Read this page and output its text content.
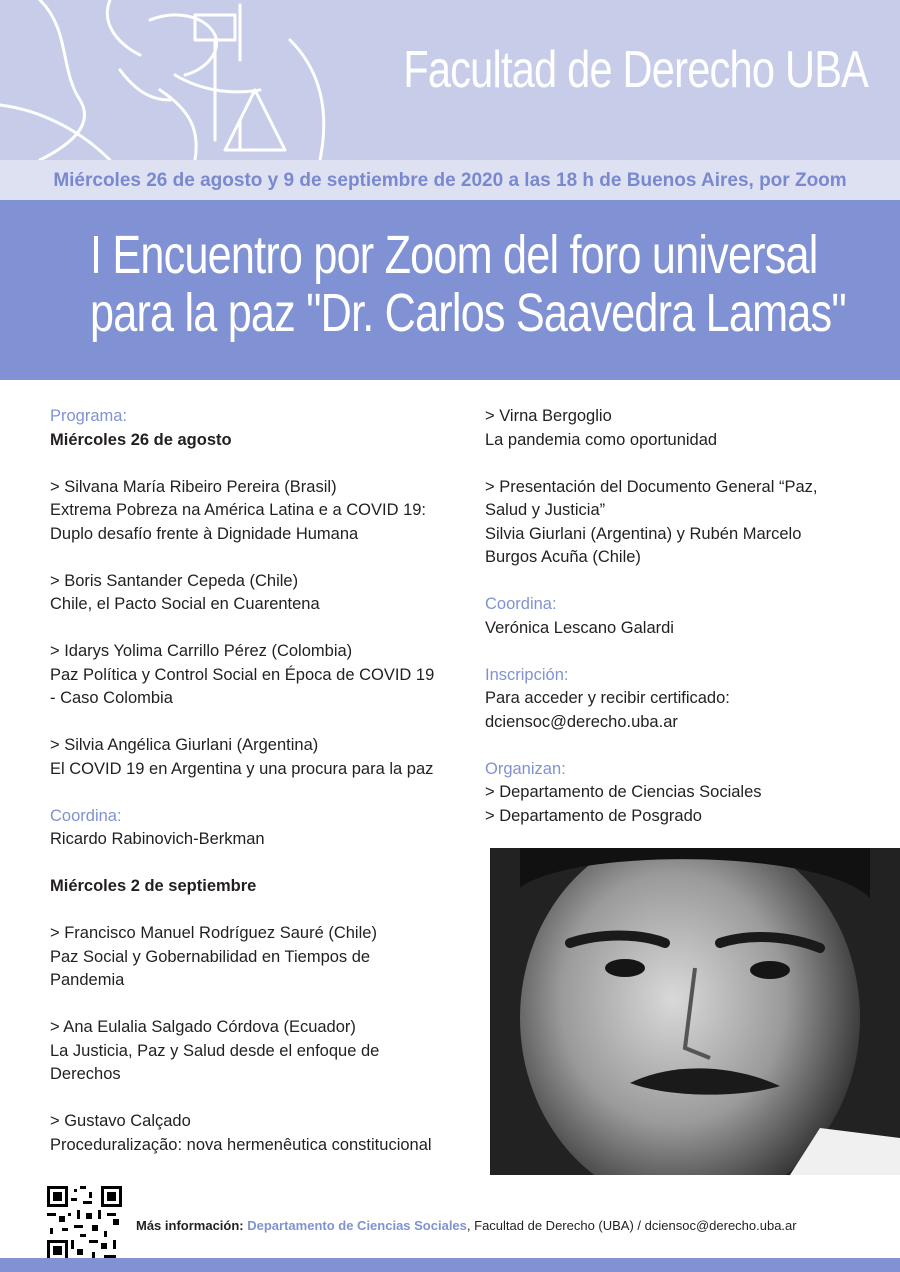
Facultad de Derecho UBA
Miércoles 26 de agosto y 9 de septiembre de 2020 a las 18 h de Buenos Aires, por Zoom
I Encuentro por Zoom del foro universal
para la paz "Dr. Carlos Saavedra Lamas"

Programa:
Miércoles 26 de agosto

> Silvana María Ribeiro Pereira (Brasil)
Extrema Pobreza na América Latina e a COVID 19:
Duplo desafío frente à Dignidade Humana

> Boris Santander Cepeda (Chile)
Chile, el Pacto Social en Cuarentena

> Idarys Yolima Carrillo Pérez (Colombia)
Paz Política y Control Social en Época de COVID 19
- Caso Colombia

> Silvia Angélica Giurlani (Argentina)
El COVID 19 en Argentina y una procura para la paz

Coordina:
Ricardo Rabinovich-Berkman

Miércoles 2 de septiembre

> Francisco Manuel Rodríguez Sauré (Chile)
Paz Social y Gobernabilidad en Tiempos de
Pandemia

> Ana Eulalia Salgado Córdova (Ecuador)
La Justicia, Paz y Salud desde el enfoque de
Derechos

> Gustavo Calçado
Proceduralização: nova hermenêutica constitucional

> Virna Bergoglio
La pandemia como oportunidad

> Presentación del Documento General “Paz,
Salud y Justicia”
Silvia Giurlani (Argentina) y Rubén Marcelo
Burgos Acuña (Chile)

Coordina:
Verónica Lescano Galardi

Inscripción:
Para acceder y recibir certificado:
dciensoc@derecho.uba.ar

Organizan:
> Departamento de Ciencias Sociales
> Departamento de Posgrado

Más información: Departamento de Ciencias Sociales, Facultad de Derecho (UBA) / dciensoc@derecho.uba.ar
